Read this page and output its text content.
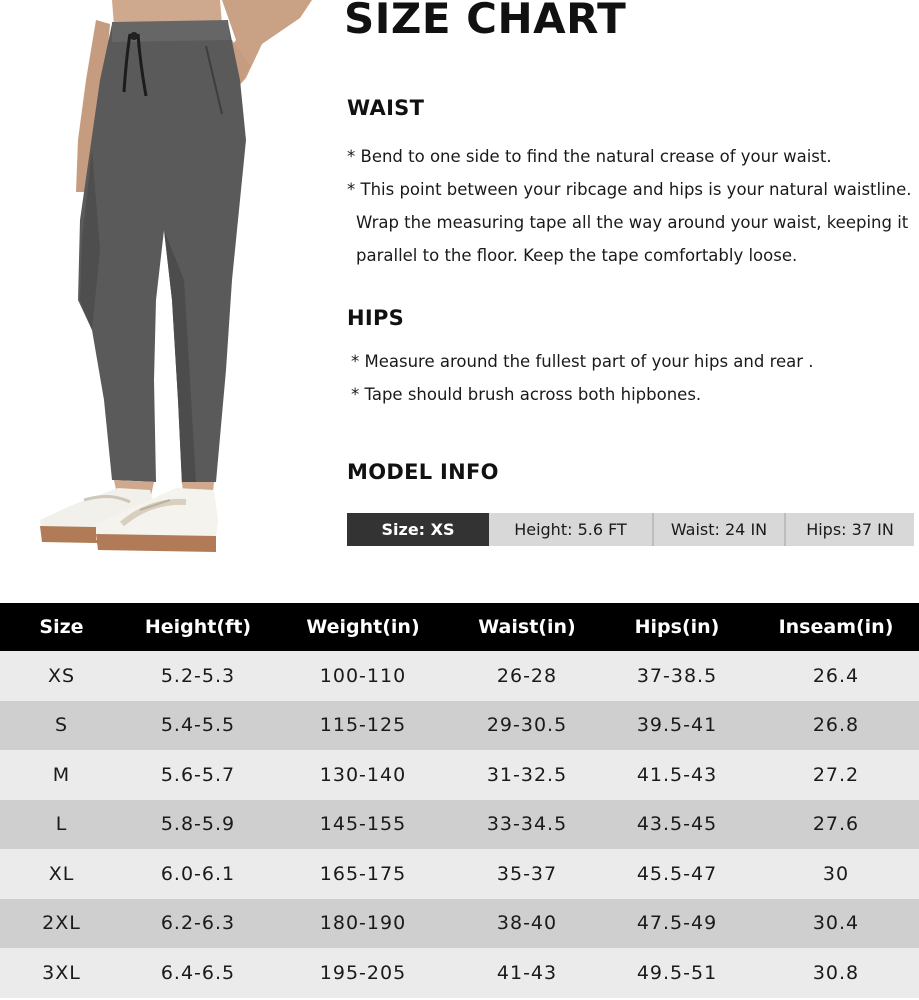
SIZE CHART
WAIST
* Bend to one side to find the natural crease of your waist.
* This point between your ribcage and hips is your natural waistline.
Wrap the measuring tape all the way around your waist, keeping it
parallel to the floor. Keep the tape comfortably loose.
HIPS
* Measure around the fullest part of your hips and rear .
* Tape should brush across both hipbones.
MODEL INFO
Size: XS	Height: 5.6 FT	Waist: 24 IN	Hips: 37 IN
Size	Height(ft)	Weight(in)	Waist(in)	Hips(in)	Inseam(in)
XS	5.2-5.3	100-110	26-28	37-38.5	26.4
S	5.4-5.5	115-125	29-30.5	39.5-41	26.8
M	5.6-5.7	130-140	31-32.5	41.5-43	27.2
L	5.8-5.9	145-155	33-34.5	43.5-45	27.6
XL	6.0-6.1	165-175	35-37	45.5-47	30
2XL	6.2-6.3	180-190	38-40	47.5-49	30.4
3XL	6.4-6.5	195-205	41-43	49.5-51	30.8
